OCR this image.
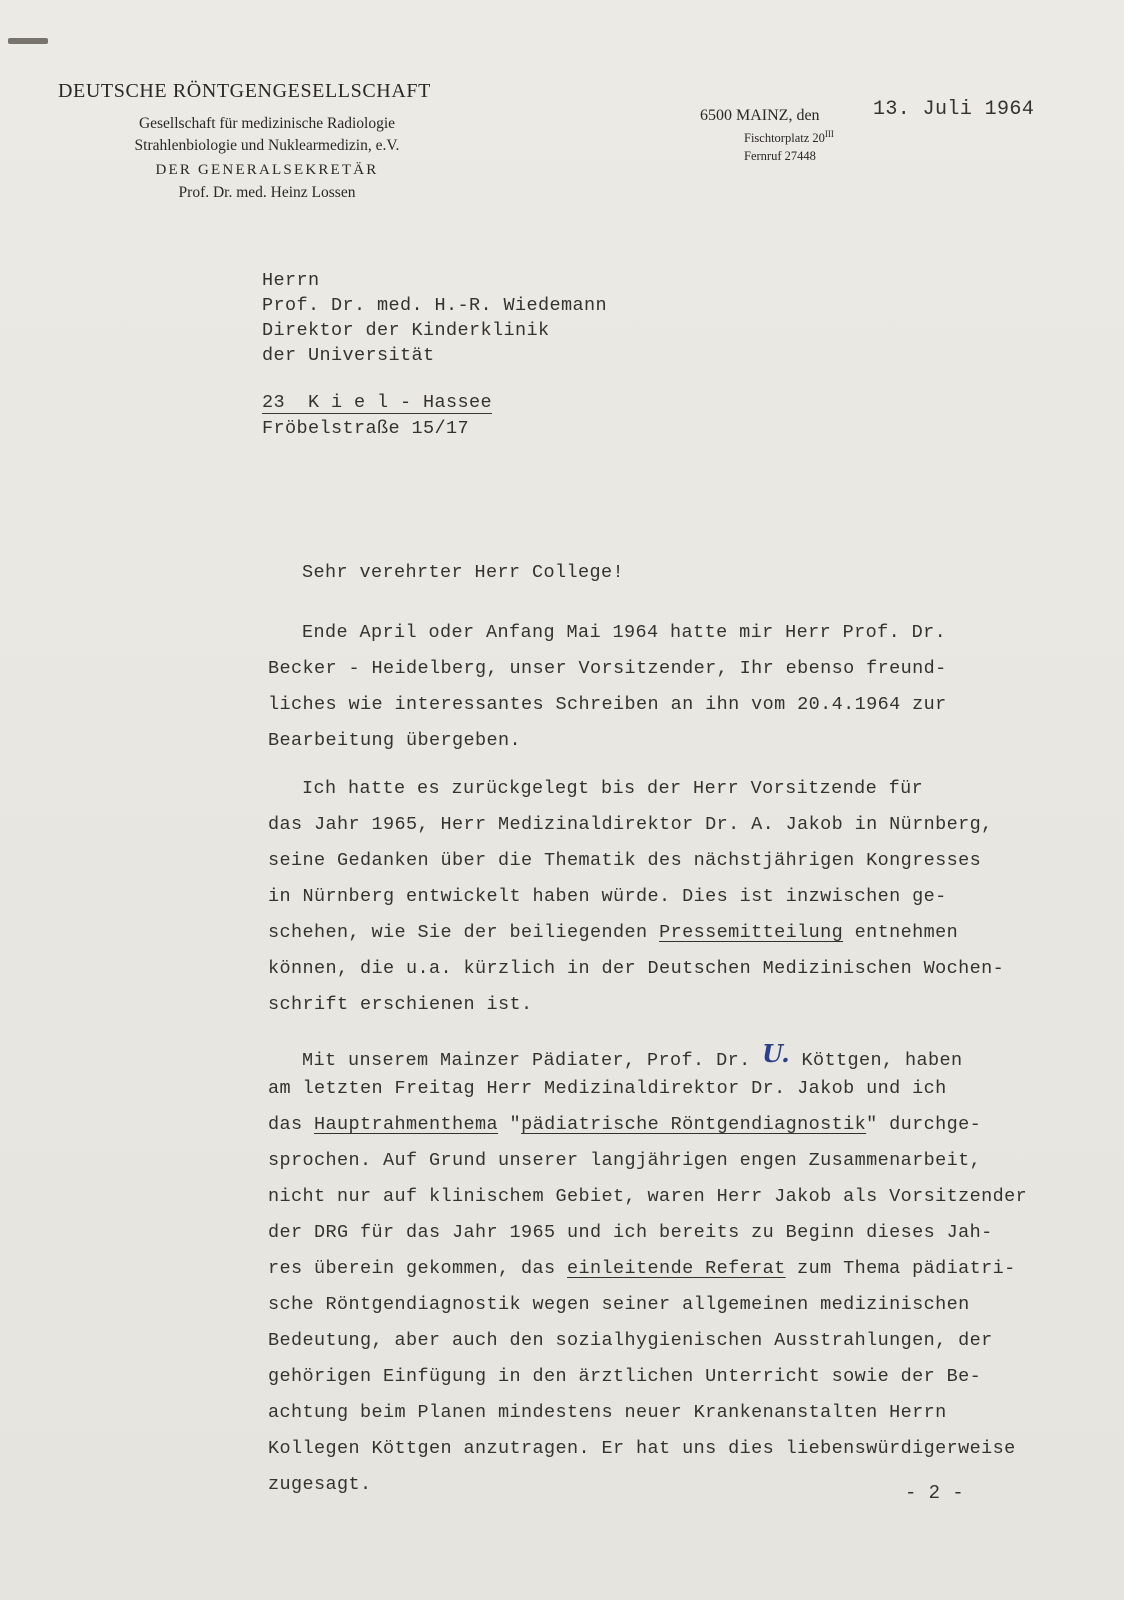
DEUTSCHE RÖNTGENGESELLSCHAFT
Gesellschaft für medizinische Radiologie
Strahlenbiologie und Nuklearmedizin, e.V.
DER GENERALSEKRETÄR
Prof. Dr. med. Heinz Lossen
6500 MAINZ, den
Fischtorplatz $20^{III}$
Fernruf 27448
13. Juli 1964
Herrn
Prof. Dr. med. H.-R. Wiedemann
Direktor der Kinderklinik
der Universität
23  K i e l - Hassee
Fröbelstraße 15/17
Sehr verehrter Herr College!
Ende April oder Anfang Mai 1964 hatte mir Herr Prof. Dr.
Becker - Heidelberg, unser Vorsitzender, Ihr ebenso freund-
liches wie interessantes Schreiben an ihn vom 20.4.1964 zur
Bearbeitung übergeben.
Ich hatte es zurückgelegt bis der Herr Vorsitzende für
das Jahr 1965, Herr Medizinaldirektor Dr. A. Jakob in Nürnberg,
seine Gedanken über die Thematik des nächstjährigen Kongresses
in Nürnberg entwickelt haben würde. Dies ist inzwischen ge-
schehen, wie Sie der beiliegenden Pressemitteilung entnehmen
können, die u.a. kürzlich in der Deutschen Medizinischen Wochen-
schrift erschienen ist.
Mit unserem Mainzer Pädiater, Prof. Dr. U. Köttgen, haben
am letzten Freitag Herr Medizinaldirektor Dr. Jakob und ich
das Hauptrahmenthema "pädiatrische Röntgendiagnostik" durchge-
sprochen. Auf Grund unserer langjährigen engen Zusammenarbeit,
nicht nur auf klinischem Gebiet, waren Herr Jakob als Vorsitzender
der DRG für das Jahr 1965 und ich bereits zu Beginn dieses Jah-
res überein gekommen, das einleitende Referat zum Thema pädiatri-
sche Röntgendiagnostik wegen seiner allgemeinen medizinischen
Bedeutung, aber auch den sozialhygienischen Ausstrahlungen, der
gehörigen Einfügung in den ärztlichen Unterricht sowie der Be-
achtung beim Planen mindestens neuer Krankenanstalten Herrn
Kollegen Köttgen anzutragen. Er hat uns dies liebenswürdigerweise
zugesagt.	- 2 -
